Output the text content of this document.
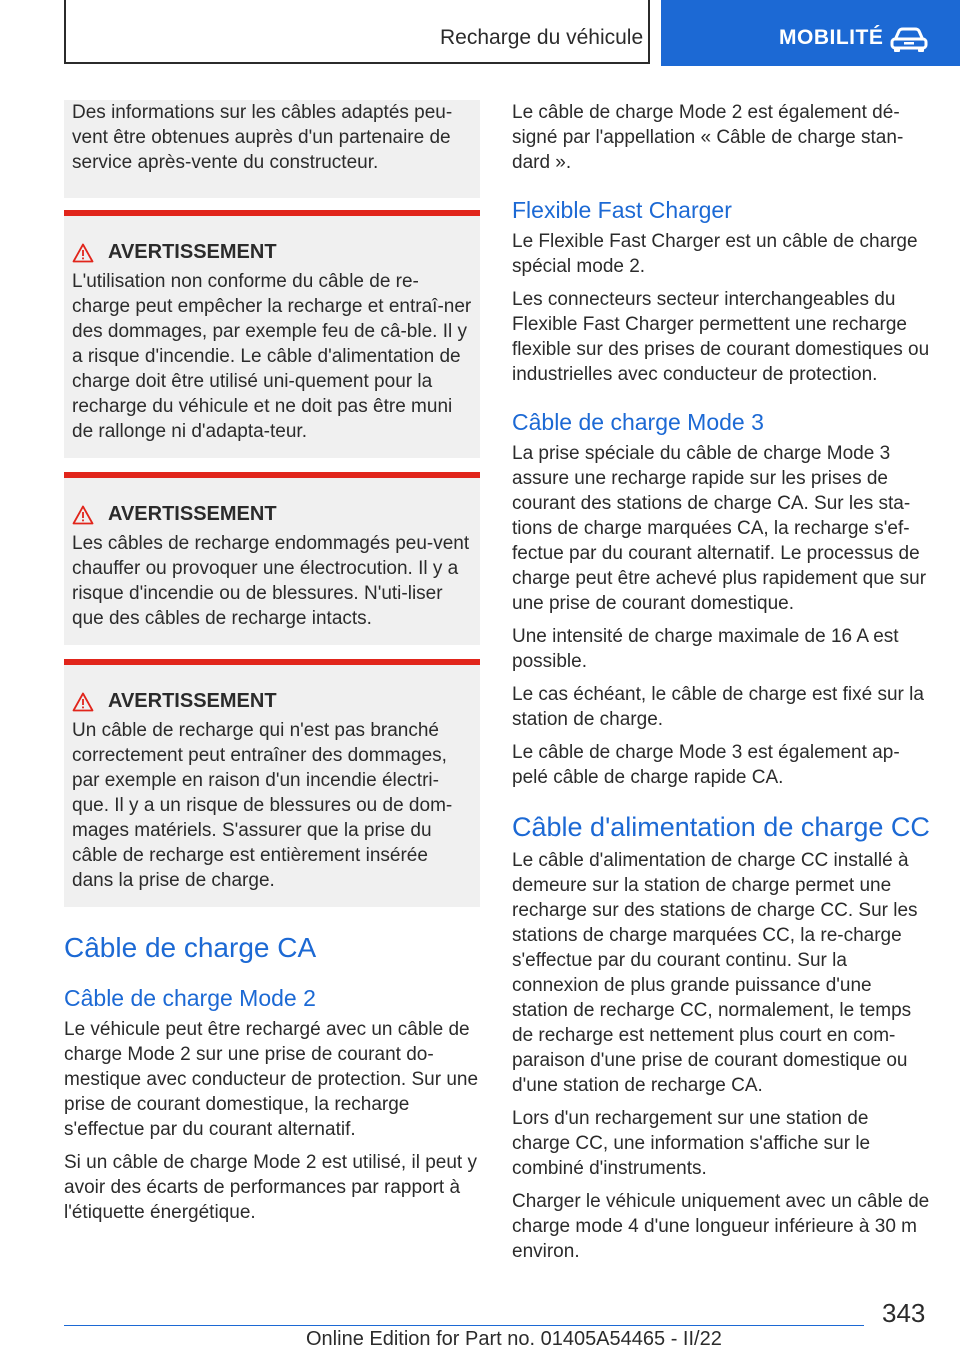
Recharge du véhicule	MOBILITÉ

Des informations sur les câbles adaptés peu-vent être obtenues auprès d'un partenaire de service après-vente du constructeur.

AVERTISSEMENT

L'utilisation non conforme du câble de re-charge peut empêcher la recharge et entraî-ner des dommages, par exemple feu de câ-ble. Il y a risque d'incendie. Le câble d'alimentation de charge doit être utilisé uni-quement pour la recharge du véhicule et ne doit pas être muni de rallonge ni d'adapta-teur.

AVERTISSEMENT

Les câbles de recharge endommagés peu-vent chauffer ou provoquer une électrocution. Il y a risque d'incendie ou de blessures. N'uti-liser que des câbles de recharge intacts.

AVERTISSEMENT

Un câble de recharge qui n'est pas branché correctement peut entraîner des dommages, par exemple en raison d'un incendie électri-que. Il y a un risque de blessures ou de dom-mages matériels. S'assurer que la prise du câble de recharge est entièrement insérée dans la prise de charge.

Câble de charge CA
Câble de charge Mode 2

Le véhicule peut être rechargé avec un câble de charge Mode 2 sur une prise de courant do-mestique avec conducteur de protection. Sur une prise de courant domestique, la recharge s'effectue par du courant alternatif.

Si un câble de charge Mode 2 est utilisé, il peut y avoir des écarts de performances par rapport à l'étiquette énergétique.

Le câble de charge Mode 2 est également dé-signé par l'appellation « Câble de charge stan-dard ».

Flexible Fast Charger

Le Flexible Fast Charger est un câble de charge spécial mode 2.

Les connecteurs secteur interchangeables du Flexible Fast Charger permettent une recharge flexible sur des prises de courant domestiques ou industrielles avec conducteur de protection.

Câble de charge Mode 3

La prise spéciale du câble de charge Mode 3 assure une recharge rapide sur les prises de courant des stations de charge CA. Sur les sta-tions de charge marquées CA, la recharge s'ef-fectue par du courant alternatif. Le processus de charge peut être achevé plus rapidement que sur une prise de courant domestique.

Une intensité de charge maximale de 16 A est possible.

Le cas échéant, le câble de charge est fixé sur la station de charge.

Le câble de charge Mode 3 est également ap-pelé câble de charge rapide CA.

Câble d'alimentation de charge CC

Le câble d'alimentation de charge CC installé à demeure sur la station de charge permet une recharge sur des stations de charge CC. Sur les stations de charge marquées CC, la re-charge s'effectue par du courant continu. Sur la connexion de plus grande puissance d'une station de recharge CC, normalement, le temps de recharge est nettement plus court en com-paraison d'une prise de courant domestique ou d'une station de recharge CA.

Lors d'un rechargement sur une station de charge CC, une information s'affiche sur le combiné d'instruments.

Charger le véhicule uniquement avec un câble de charge mode 4 d'une longueur inférieure à 30 m environ.

343
Online Edition for Part no. 01405A54465 - II/22
